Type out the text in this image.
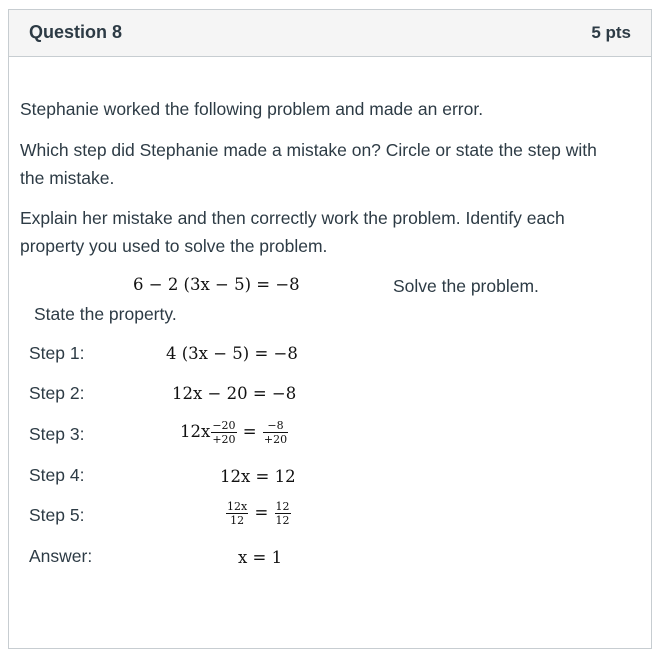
Question 8	5 pts
Stephanie worked the following problem and made an error.
Which step did Stephanie made a mistake on? Circle or state the step with the mistake.
Explain her mistake and then correctly work the problem. Identify each property you used to solve the problem.
6 − 2 (3x − 5) = −8	Solve the problem.
State the property.
Step 1:	4 (3x − 5) = −8
Step 2:	12x − 20 = −8
Step 3:	$12x \frac{-20}{+20} = \frac{-8}{+20}$
Step 4:	12x = 12
Step 5:	$\frac{12x}{12} = \frac{12}{12}$
Answer:	x = 1
